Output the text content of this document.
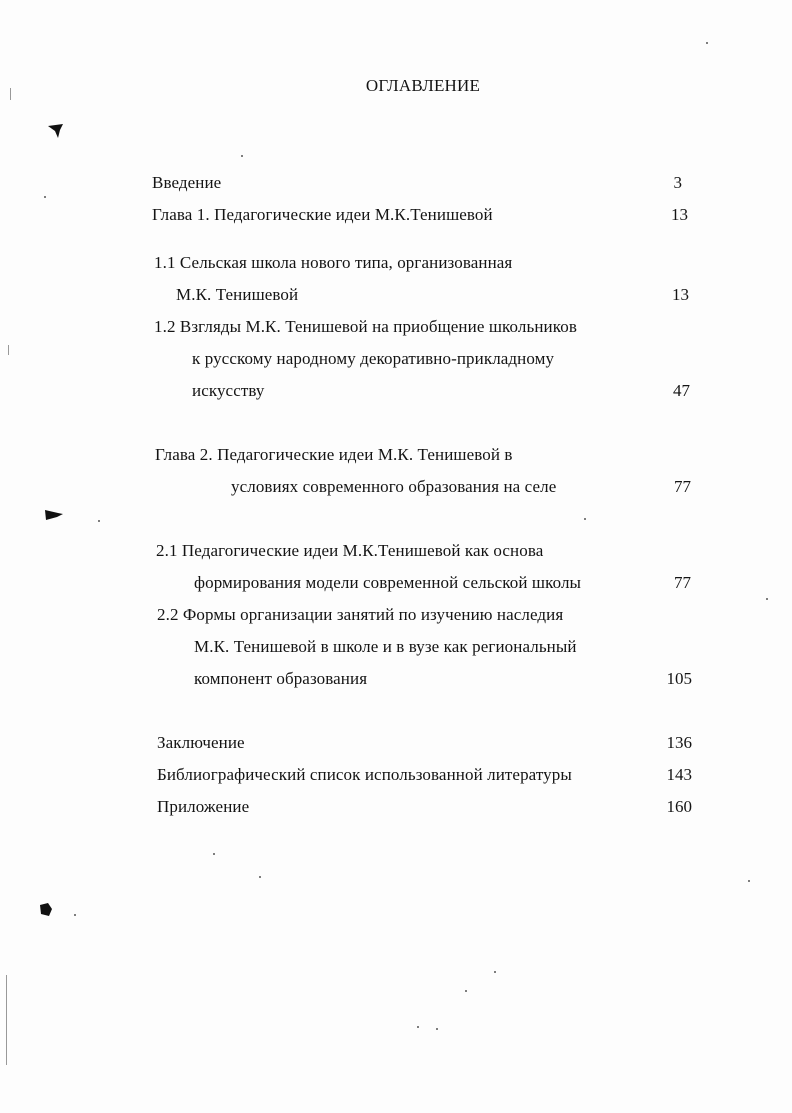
ОГЛАВЛЕНИЕ
Введение	3
Глава 1. Педагогические идеи М.К.Тенишевой	13
1.1 Сельская школа нового типа, организованная
М.К. Тенишевой	13
1.2 Взгляды М.К. Тенишевой на приобщение школьников
к русскому народному декоративно-прикладному
искусству	47
Глава 2. Педагогические идеи М.К. Тенишевой в
условиях современного образования на селе	77
2.1 Педагогические идеи М.К.Тенишевой как основа
формирования модели современной сельской школы	77
2.2 Формы организации занятий по изучению наследия
М.К. Тенишевой в школе и в вузе как региональный
компонент образования	105
Заключение	136
Библиографический список использованной литературы	143
Приложение	160
